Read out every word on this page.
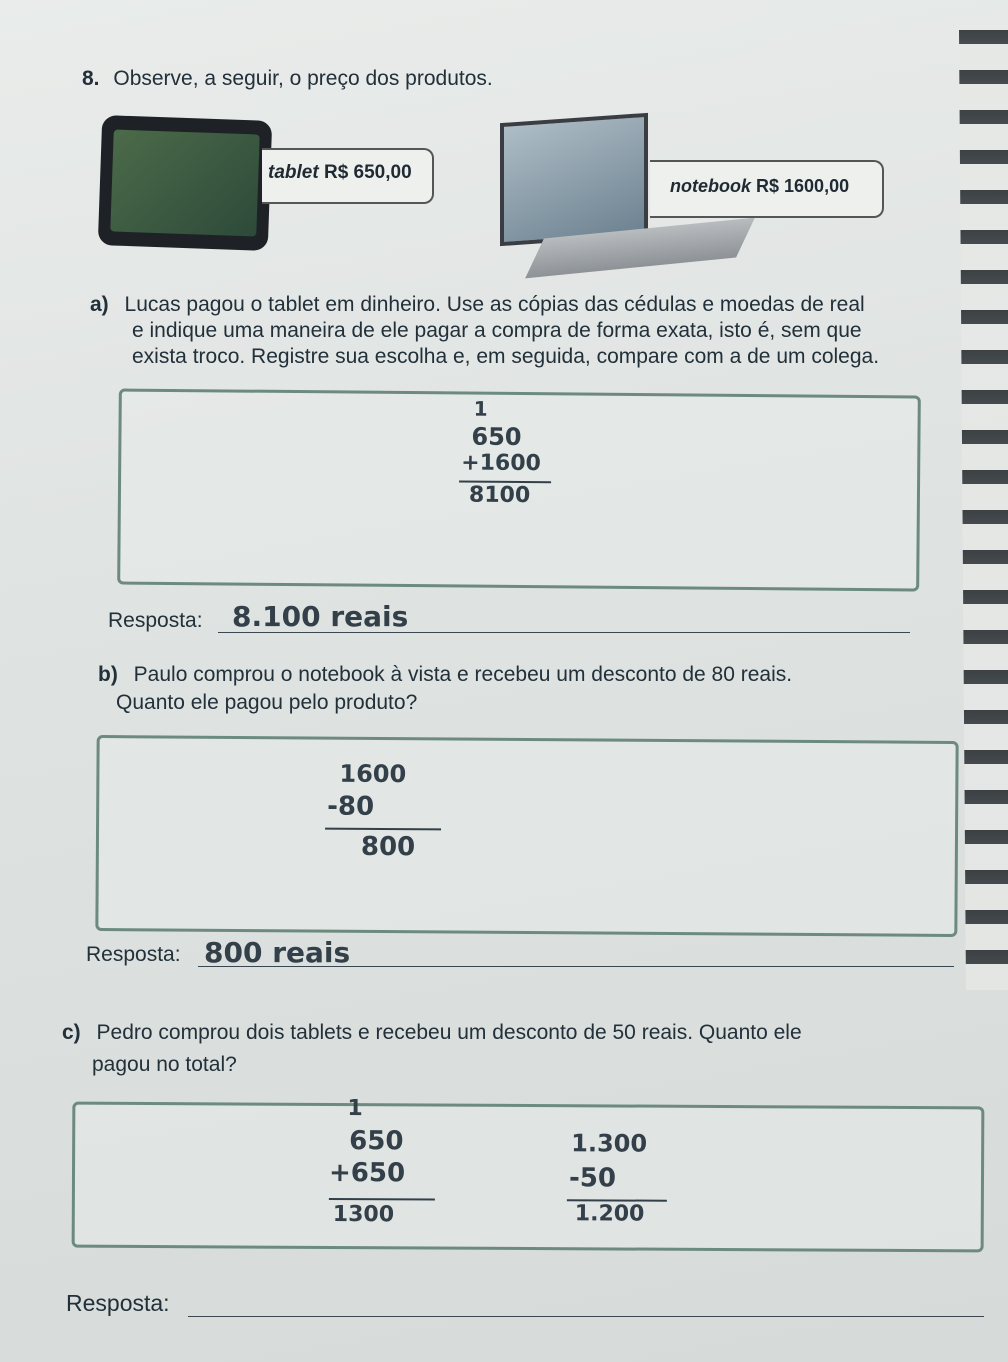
8. Observe, a seguir, o preço dos produtos.
tablet R$ 650,00
notebook R$ 1600,00
a) Lucas pagou o tablet em dinheiro. Use as cópias das cédulas e moedas de real
e indique uma maneira de ele pagar a compra de forma exata, isto é, sem que
exista troco. Registre sua escolha e, em seguida, compare com a de um colega.
1
650
+1600
8100
Resposta: 8.100 reais
b) Paulo comprou o notebook à vista e recebeu um desconto de 80 reais.
Quanto ele pagou pelo produto?
1600
-80
800
Resposta: 800 reais
c) Pedro comprou dois tablets e recebeu um desconto de 50 reais. Quanto ele
pagou no total?
1
650
+650
1300
1.300
-50
1.200
Resposta:
